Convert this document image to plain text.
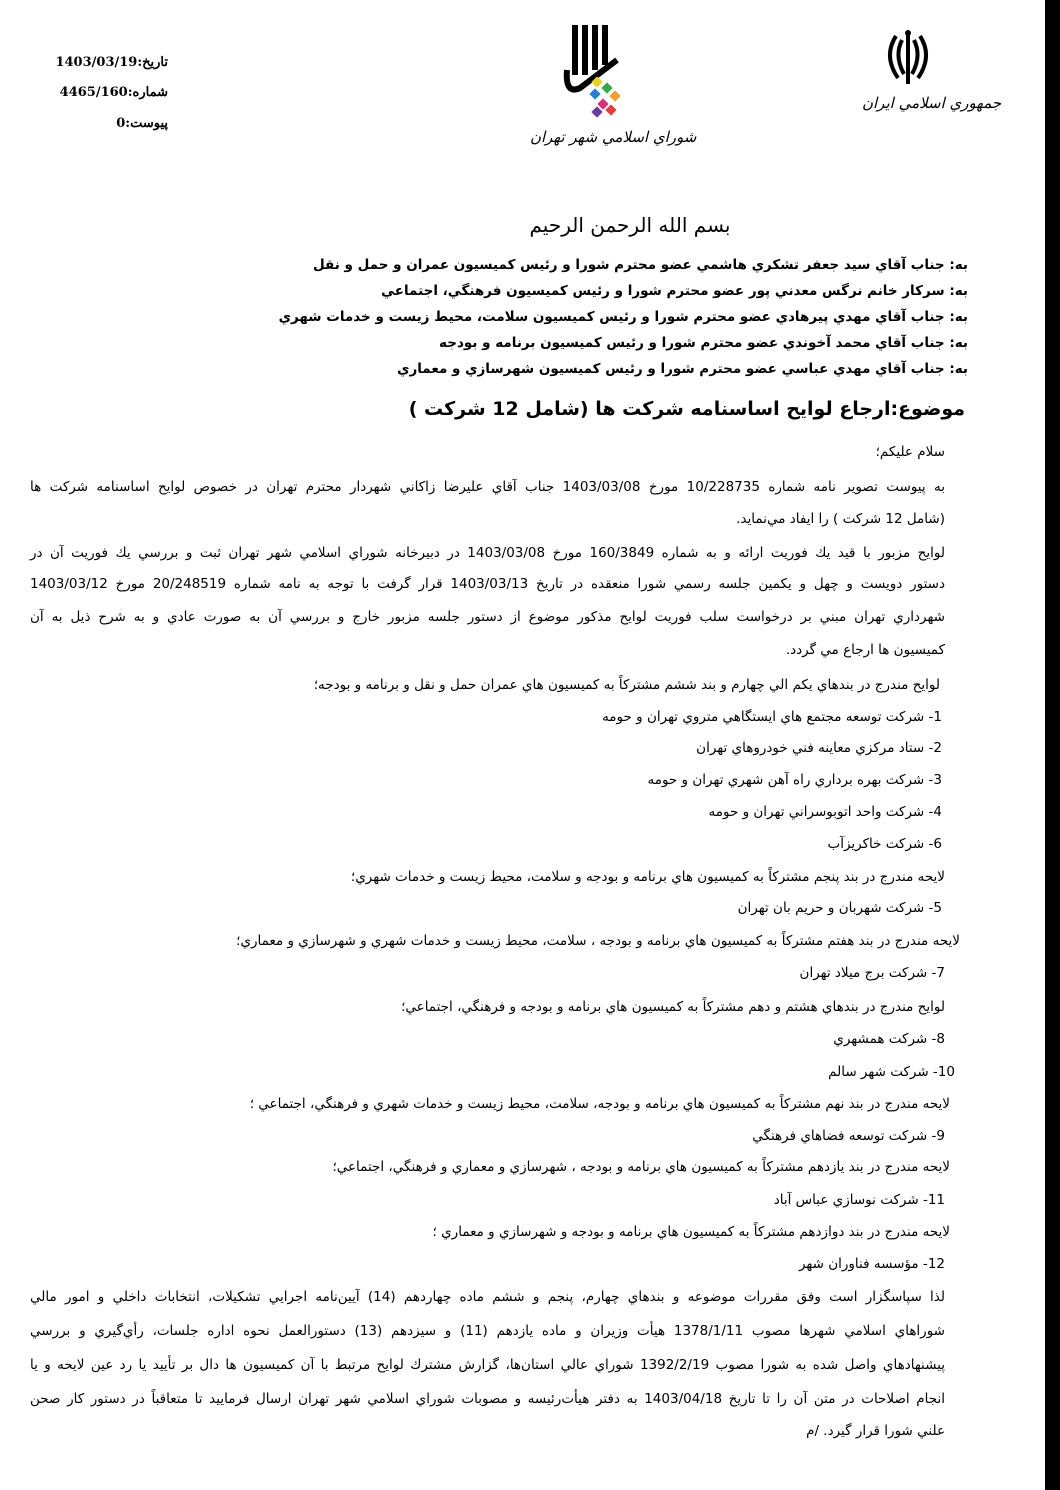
تاريخ:1403/03/19
شماره:4465/160
پيوست:0
شوراي اسلامي شهر تهران
جمهوري اسلامي ايران
بسم الله الرحمن الرحيم
به: جناب آقاي سيد جعفر تشكري هاشمي عضو محترم شورا و رئيس كميسيون عمران و حمل و نقل
به: سركار خانم نرگس معدني پور عضو محترم شورا و رئيس كميسيون فرهنگي، اجتماعي
به: جناب آقاي مهدي پيرهادي عضو محترم شورا و رئيس كميسيون سلامت، محيط زيست و خدمات شهري
به: جناب آقاي محمد آخوندي عضو محترم شورا و رئيس كميسيون برنامه و بودجه
به: جناب آقاي مهدي عباسي عضو محترم شورا و رئيس كميسيون شهرسازي و معماري
موضوع:ارجاع لوايح اساسنامه شركت ها (شامل 12 شركت )
سلام عليكم؛
به پيوست تصوير نامه شماره 10/228735 مورخ 1403/03/08 جناب آقاي عليرضا زاكاني شهردار محترم تهران در خصوص لوايح اساسنامه شركت ها
(شامل 12 شركت ) را ايفاد مي‌نمايد.
لوايح مزبور با قيد يك فوريت ارائه و به شماره 160/3849 مورخ 1403/03/08 در دبيرخانه شوراي اسلامي شهر تهران ثبت و بررسي يك فوريت آن در
دستور دويست و چهل و يكمين جلسه رسمي شورا منعقده در تاريخ 1403/03/13 قرار گرفت با توجه به نامه شماره 20/248519 مورخ 1403/03/12
شهرداري تهران مبني بر درخواست سلب فوريت لوايح مذكور موضوع از دستور جلسه مزبور خارج و بررسي آن به صورت عادي و به شرح ذيل به آن
كميسيون ها ارجاع مي گردد.
لوايح مندرج در بندهاي يكم الي چهارم و بند ششم مشتركاً به كميسيون هاي عمران حمل و نقل و برنامه و بودجه؛
1- شركت توسعه مجتمع هاي ايستگاهي متروي تهران و حومه
2- ستاد مركزي معاينه فني خودروهاي تهران
3- شركت بهره برداري راه آهن شهري تهران و حومه
4- شركت واحد اتوبوسراني تهران و حومه
6- شركت خاكريزآب
لايحه مندرج در بند پنجم مشتركاً به كميسيون هاي برنامه و بودجه و سلامت، محيط زيست و خدمات شهري؛
5- شركت شهربان و حريم بان تهران
لايحه مندرج در بند هفتم مشتركاً به كميسيون هاي برنامه و بودجه ، سلامت، محيط زيست و خدمات شهري و شهرسازي و معماري؛
7- شركت برج ميلاد تهران
لوايح مندرج در بندهاي هشتم و دهم مشتركاً به كميسيون هاي برنامه و بودجه و فرهنگي، اجتماعي؛
8- شركت همشهري
10- شركت شهر سالم
لايحه مندرج در بند نهم مشتركاً به كميسيون هاي برنامه و بودجه، سلامت، محيط زيست و خدمات شهري و فرهنگي، اجتماعي ؛
9- شركت توسعه فضاهاي فرهنگي
لايحه مندرج در بند يازدهم مشتركاً به كميسيون هاي برنامه و بودجه ، شهرسازي و معماري و فرهنگي، اجتماعي؛
11- شركت نوسازي عباس آباد
لايحه مندرج در بند دوازدهم مشتركاً به كميسيون هاي برنامه و بودجه و شهرسازي و معماري ؛
12- مؤسسه فناوران شهر
لذا سپاسگزار است وفق مقررات موضوعه و بندهاي چهارم، پنجم و ششم ماده چهاردهم (14) آيين‌نامه اجرايي تشكيلات، انتخابات داخلي و امور مالي
شوراهاي اسلامي شهرها مصوب 1378/1/11 هيأت وزيران و ماده يازدهم (11) و سيزدهم (13) دستورالعمل نحوه اداره جلسات، رأي‌گيري و بررسي
پيشنهادهاي واصل شده به شورا مصوب 1392/2/19 شوراي عالي استان‌ها، گزارش مشترك لوايح مرتبط با آن كميسيون ها دال بر تأييد يا رد عين لايحه و يا
انجام اصلاحات در متن آن را تا تاريخ 1403/04/18 به دفتر هيأت‌رئيسه و مصوبات شوراي اسلامي شهر تهران ارسال فرماييد تا متعاقباً در دستور كار صحن
علني شورا قرار گيرد. /م
